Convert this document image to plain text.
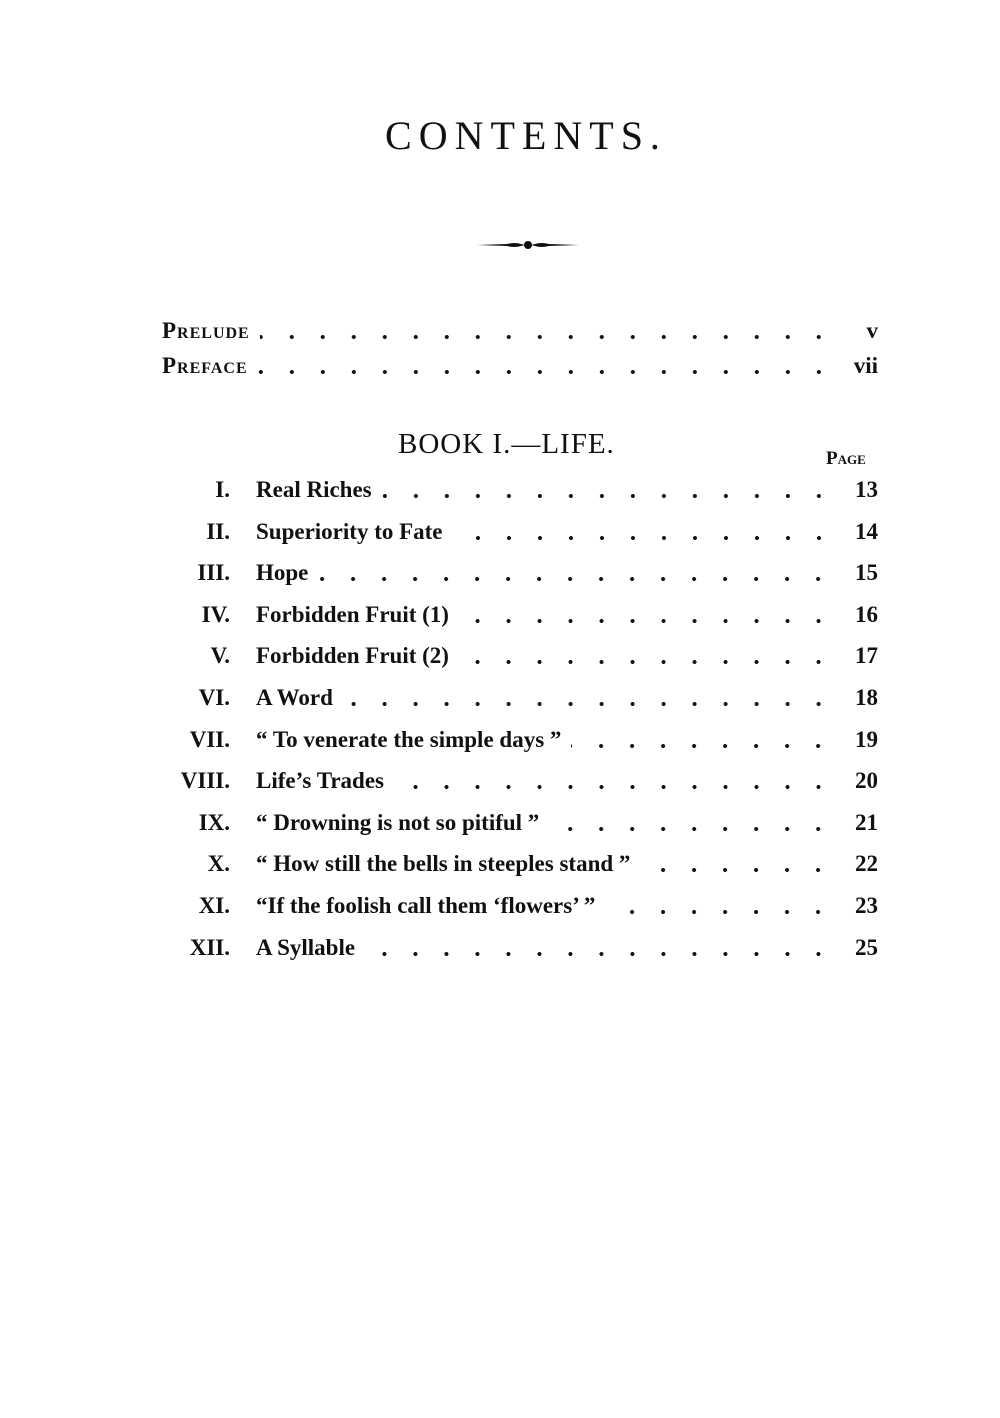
CONTENTS.
Prelude	v
Preface	vii
BOOK I.—LIFE.	Page
I. Real Riches	13
II. Superiority to Fate	14
III. Hope	15
IV. Forbidden Fruit (1)	16
V. Forbidden Fruit (2)	17
VI. A Word	18
VII. “ To venerate the simple days ”	19
VIII. Life’s Trades	20
IX. “ Drowning is not so pitiful ”	21
X. “ How still the bells in steeples stand ”	22
XI. “If the foolish call them ‘flowers’ ”	23
XII. A Syllable	25
